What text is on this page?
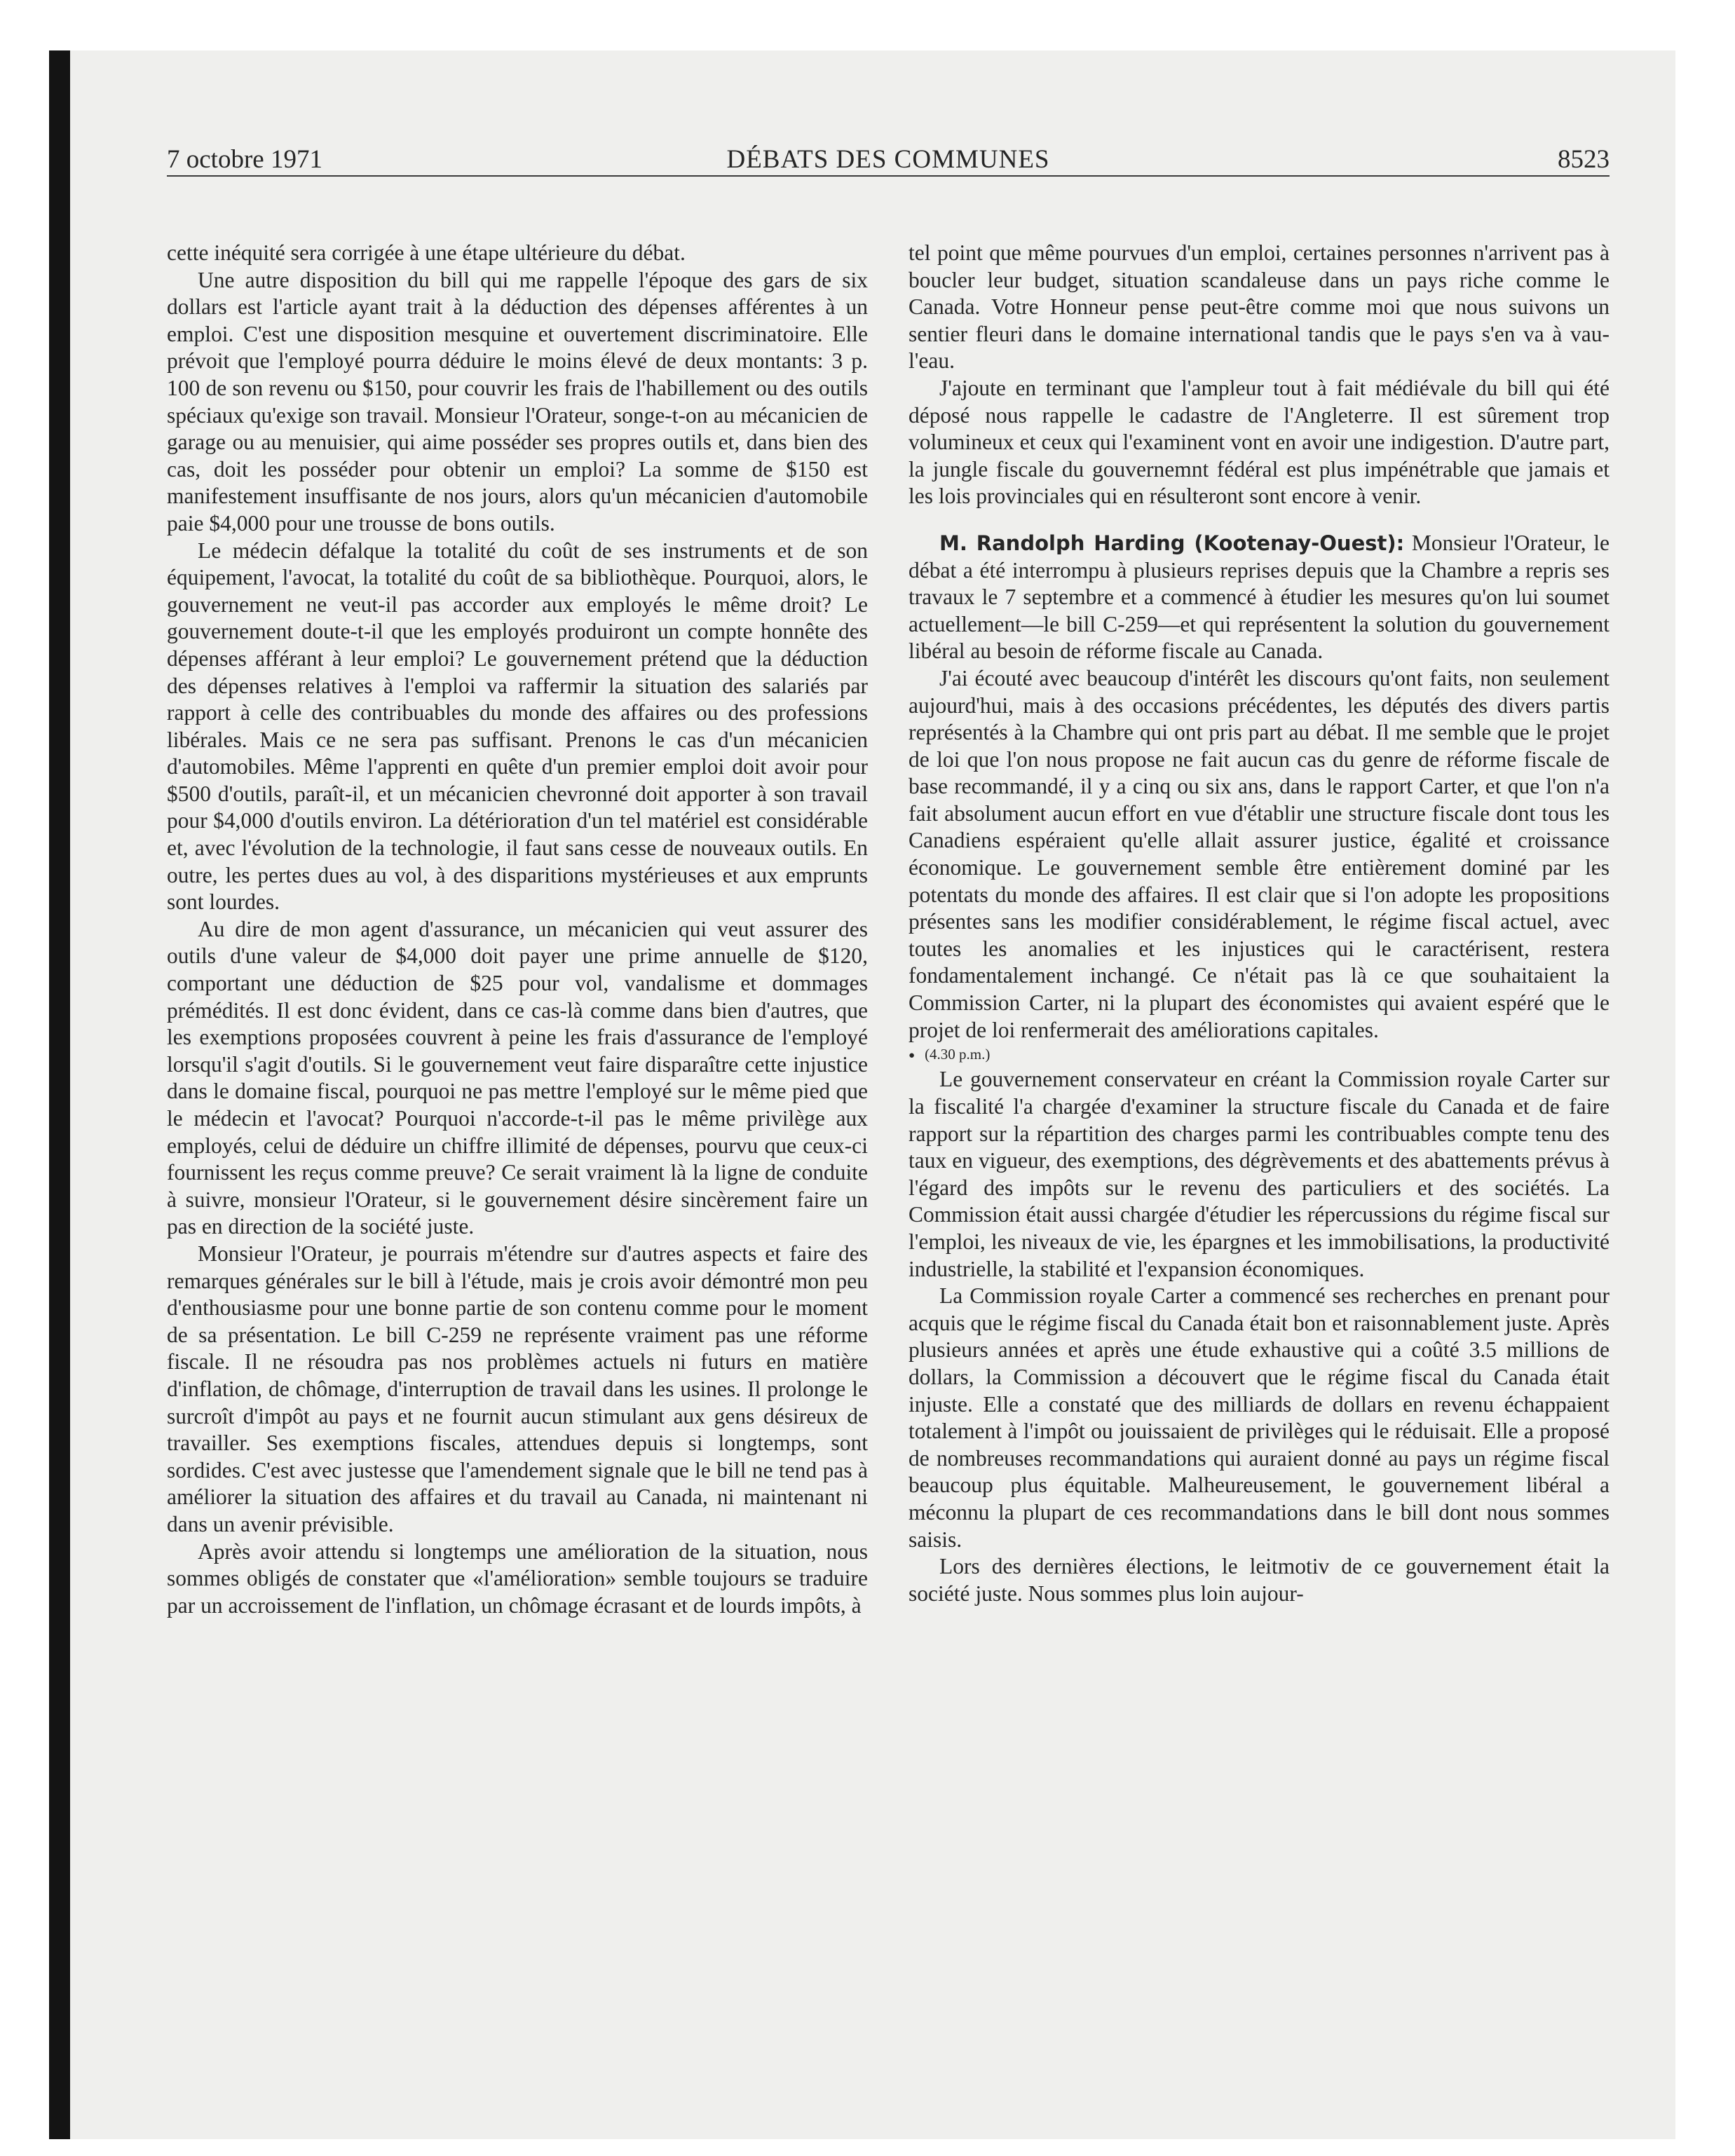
7 octobre 1971	DÉBATS DES COMMUNES	8523

cette inéquité sera corrigée à une étape ultérieure du débat.

Une autre disposition du bill qui me rappelle l'époque des gars de six dollars est l'article ayant trait à la déduction des dépenses afférentes à un emploi. C'est une disposition mesquine et ouvertement discriminatoire. Elle prévoit que l'employé pourra déduire le moins élevé de deux montants: 3 p. 100 de son revenu ou $150, pour couvrir les frais de l'habillement ou des outils spéciaux qu'exige son travail. Monsieur l'Orateur, songe-t-on au mécanicien de garage ou au menuisier, qui aime posséder ses propres outils et, dans bien des cas, doit les posséder pour obtenir un emploi? La somme de $150 est manifestement insuffisante de nos jours, alors qu'un mécanicien d'automobile paie $4,000 pour une trousse de bons outils.

Le médecin défalque la totalité du coût de ses instruments et de son équipement, l'avocat, la totalité du coût de sa bibliothèque. Pourquoi, alors, le gouvernement ne veut-il pas accorder aux employés le même droit? Le gouvernement doute-t-il que les employés produiront un compte honnête des dépenses afférant à leur emploi? Le gouvernement prétend que la déduction des dépenses relatives à l'emploi va raffermir la situation des salariés par rapport à celle des contribuables du monde des affaires ou des professions libérales. Mais ce ne sera pas suffisant. Prenons le cas d'un mécanicien d'automobiles. Même l'apprenti en quête d'un premier emploi doit avoir pour $500 d'outils, paraît-il, et un mécanicien chevronné doit apporter à son travail pour $4,000 d'outils environ. La détérioration d'un tel matériel est considérable et, avec l'évolution de la technologie, il faut sans cesse de nouveaux outils. En outre, les pertes dues au vol, à des disparitions mystérieuses et aux emprunts sont lourdes.

Au dire de mon agent d'assurance, un mécanicien qui veut assurer des outils d'une valeur de $4,000 doit payer une prime annuelle de $120, comportant une déduction de $25 pour vol, vandalisme et dommages prémédités. Il est donc évident, dans ce cas-là comme dans bien d'autres, que les exemptions proposées couvrent à peine les frais d'assurance de l'employé lorsqu'il s'agit d'outils. Si le gouvernement veut faire disparaître cette injustice dans le domaine fiscal, pourquoi ne pas mettre l'employé sur le même pied que le médecin et l'avocat? Pourquoi n'accorde-t-il pas le même privilège aux employés, celui de déduire un chiffre illimité de dépenses, pourvu que ceux-ci fournissent les reçus comme preuve? Ce serait vraiment là la ligne de conduite à suivre, monsieur l'Orateur, si le gouvernement désire sincèrement faire un pas en direction de la société juste.

Monsieur l'Orateur, je pourrais m'étendre sur d'autres aspects et faire des remarques générales sur le bill à l'étude, mais je crois avoir démontré mon peu d'enthousiasme pour une bonne partie de son contenu comme pour le moment de sa présentation. Le bill C-259 ne représente vraiment pas une réforme fiscale. Il ne résoudra pas nos problèmes actuels ni futurs en matière d'inflation, de chômage, d'interruption de travail dans les usines. Il prolonge le surcroît d'impôt au pays et ne fournit aucun stimulant aux gens désireux de travailler. Ses exemptions fiscales, attendues depuis si longtemps, sont sordides. C'est avec justesse que l'amendement signale que le bill ne tend pas à améliorer la situation des affaires et du travail au Canada, ni maintenant ni dans un avenir prévisible.

Après avoir attendu si longtemps une amélioration de la situation, nous sommes obligés de constater que «l'amélioration» semble toujours se traduire par un accroissement de l'inflation, un chômage écrasant et de lourds impôts, à

tel point que même pourvues d'un emploi, certaines personnes n'arrivent pas à boucler leur budget, situation scandaleuse dans un pays riche comme le Canada. Votre Honneur pense peut-être comme moi que nous suivons un sentier fleuri dans le domaine international tandis que le pays s'en va à vau-l'eau.

J'ajoute en terminant que l'ampleur tout à fait médiévale du bill qui été déposé nous rappelle le cadastre de l'Angleterre. Il est sûrement trop volumineux et ceux qui l'examinent vont en avoir une indigestion. D'autre part, la jungle fiscale du gouvernemnt fédéral est plus impénétrable que jamais et les lois provinciales qui en résulteront sont encore à venir.

M. Randolph Harding (Kootenay-Ouest): Monsieur l'Orateur, le débat a été interrompu à plusieurs reprises depuis que la Chambre a repris ses travaux le 7 septembre et a commencé à étudier les mesures qu'on lui soumet actuellement—le bill C-259—et qui représentent la solution du gouvernement libéral au besoin de réforme fiscale au Canada.

J'ai écouté avec beaucoup d'intérêt les discours qu'ont faits, non seulement aujourd'hui, mais à des occasions précédentes, les députés des divers partis représentés à la Chambre qui ont pris part au débat. Il me semble que le projet de loi que l'on nous propose ne fait aucun cas du genre de réforme fiscale de base recommandé, il y a cinq ou six ans, dans le rapport Carter, et que l'on n'a fait absolument aucun effort en vue d'établir une structure fiscale dont tous les Canadiens espéraient qu'elle allait assurer justice, égalité et croissance économique. Le gouvernement semble être entièrement dominé par les potentats du monde des affaires. Il est clair que si l'on adopte les propositions présentes sans les modifier considérablement, le régime fiscal actuel, avec toutes les anomalies et les injustices qui le caractérisent, restera fondamentalement inchangé. Ce n'était pas là ce que souhaitaient la Commission Carter, ni la plupart des économistes qui avaient espéré que le projet de loi renfermerait des améliorations capitales.

● (4.30 p.m.)

Le gouvernement conservateur en créant la Commission royale Carter sur la fiscalité l'a chargée d'examiner la structure fiscale du Canada et de faire rapport sur la répartition des charges parmi les contribuables compte tenu des taux en vigueur, des exemptions, des dégrèvements et des abattements prévus à l'égard des impôts sur le revenu des particuliers et des sociétés. La Commission était aussi chargée d'étudier les répercussions du régime fiscal sur l'emploi, les niveaux de vie, les épargnes et les immobilisations, la productivité industrielle, la stabilité et l'expansion économiques.

La Commission royale Carter a commencé ses recherches en prenant pour acquis que le régime fiscal du Canada était bon et raisonnablement juste. Après plusieurs années et après une étude exhaustive qui a coûté 3.5 millions de dollars, la Commission a découvert que le régime fiscal du Canada était injuste. Elle a constaté que des milliards de dollars en revenu échappaient totalement à l'impôt ou jouissaient de privilèges qui le réduisait. Elle a proposé de nombreuses recommandations qui auraient donné au pays un régime fiscal beaucoup plus équitable. Malheureusement, le gouvernement libéral a méconnu la plupart de ces recommandations dans le bill dont nous sommes saisis.

Lors des dernières élections, le leitmotiv de ce gouvernement était la société juste. Nous sommes plus loin aujour-
